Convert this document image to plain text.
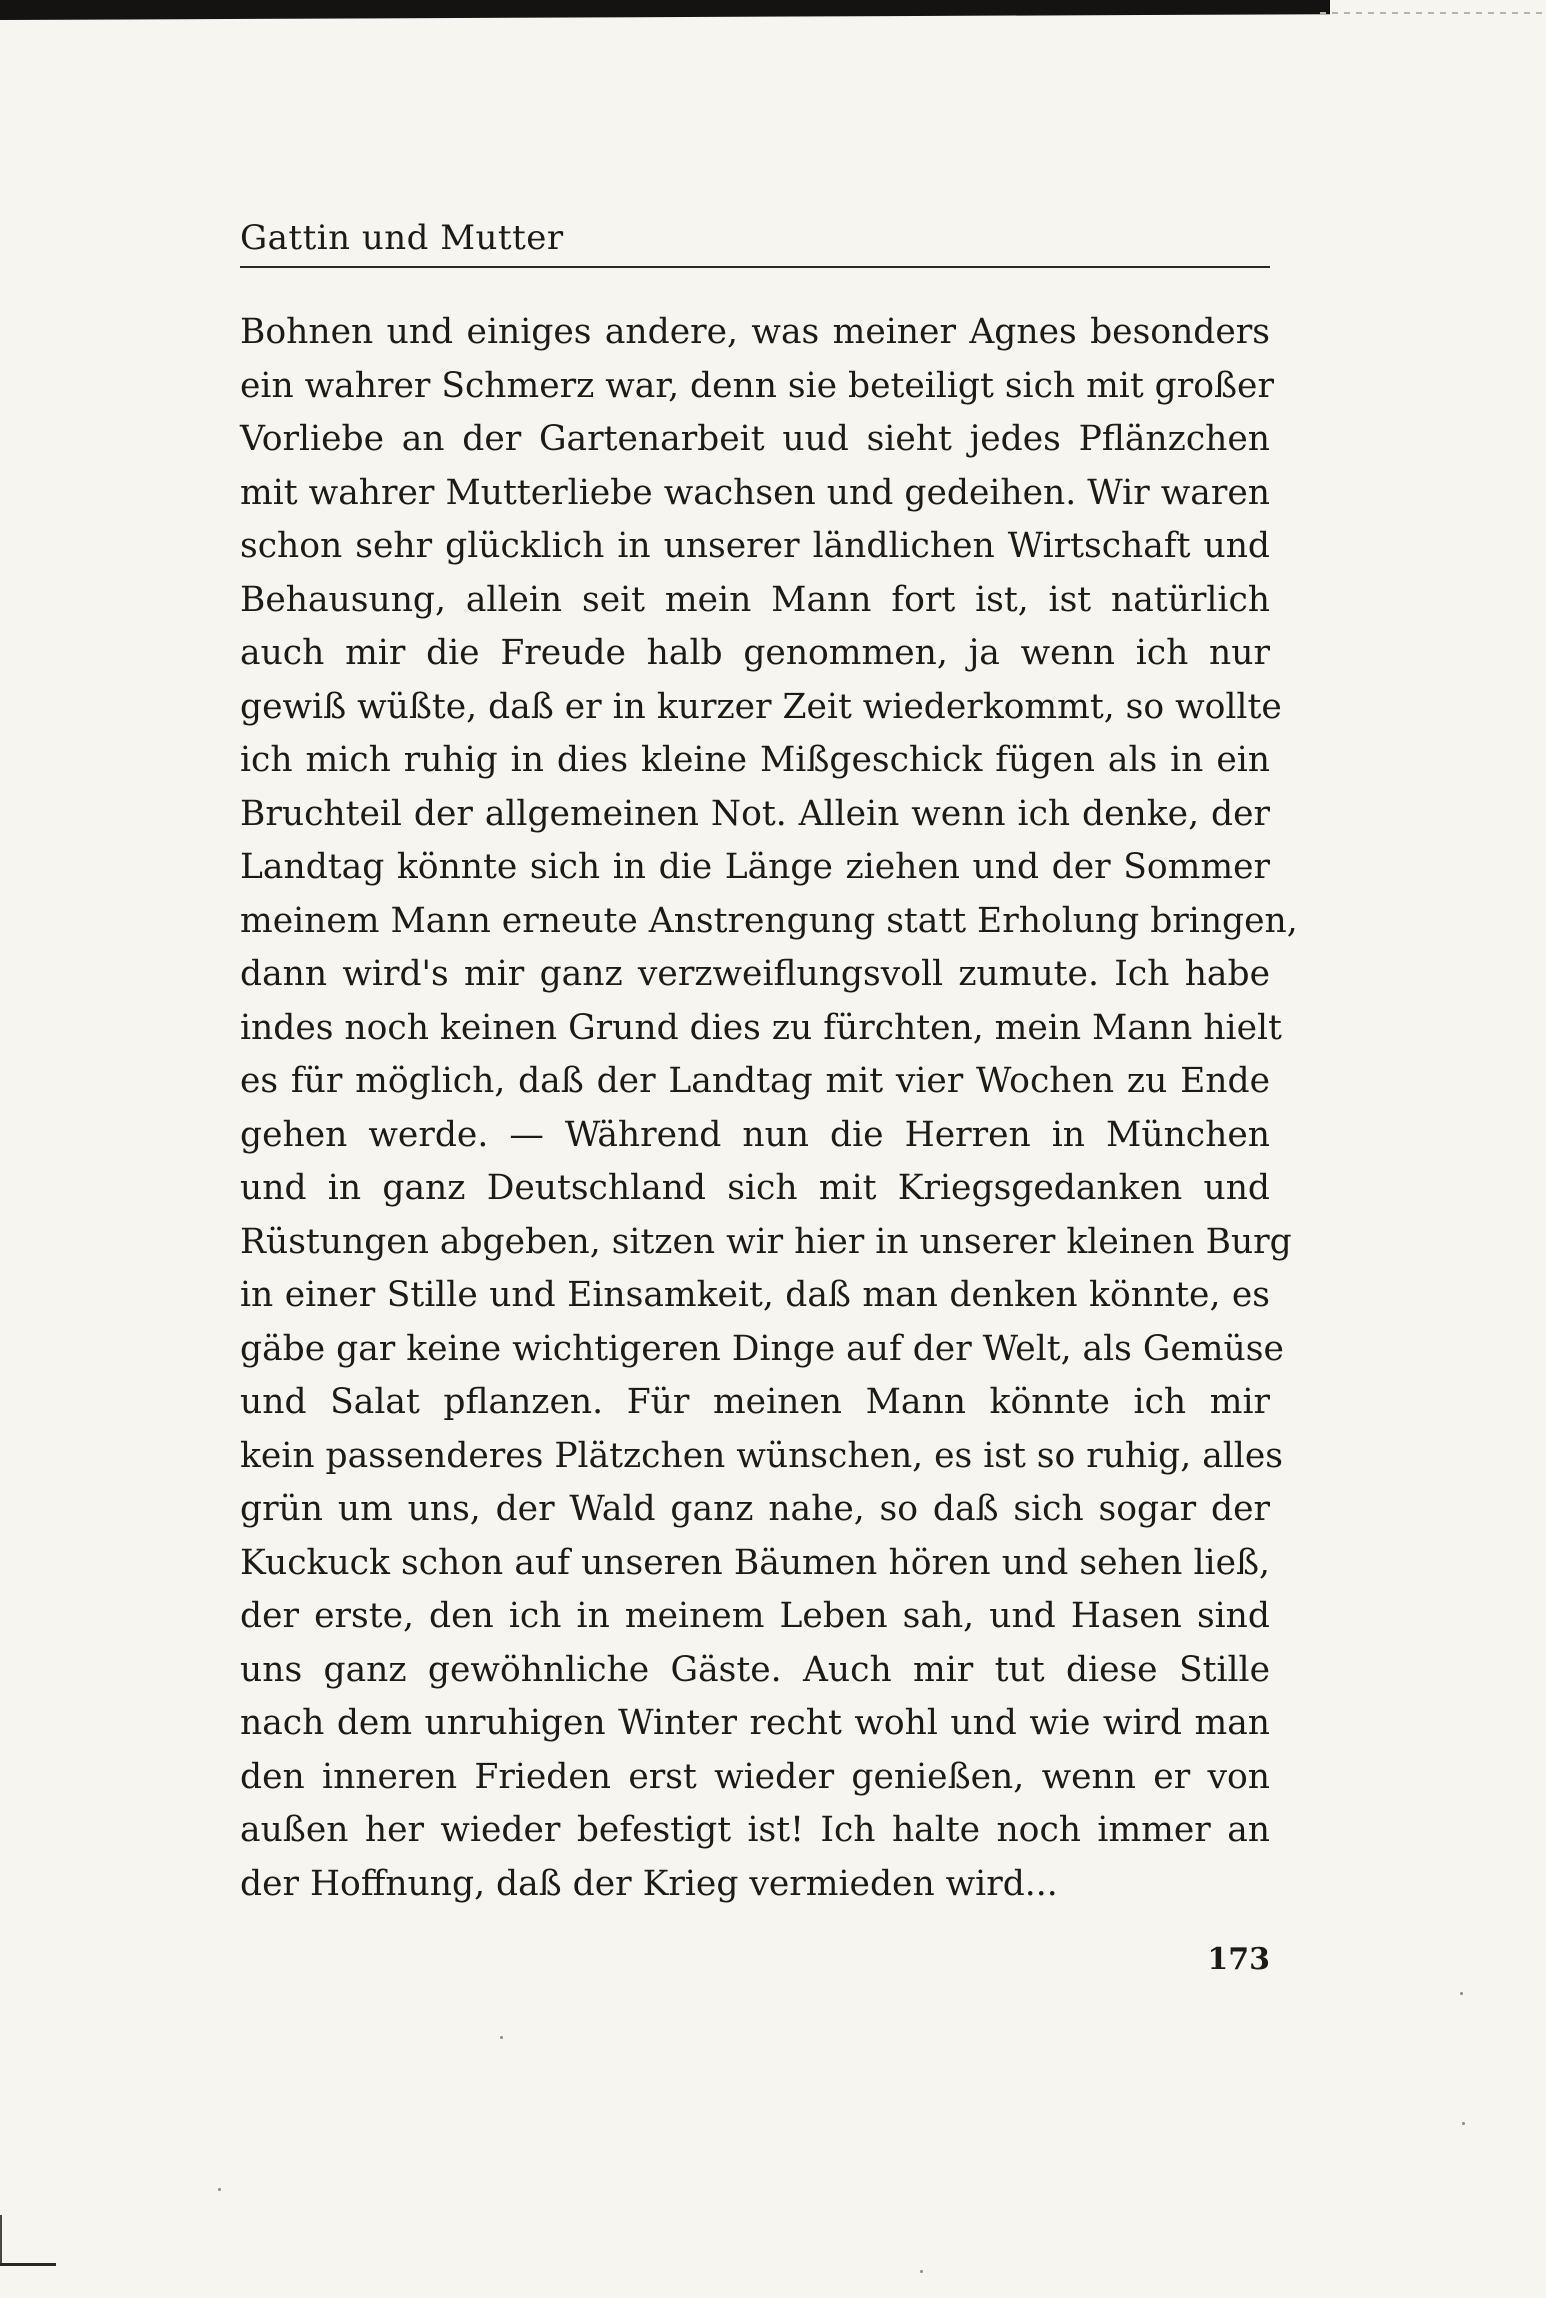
Gattin und Mutter
Bohnen und einiges andere, was meiner Agnes besonders
ein wahrer Schmerz war, denn sie beteiligt sich mit großer
Vorliebe an der Gartenarbeit uud sieht jedes Pflänzchen
mit wahrer Mutterliebe wachsen und gedeihen. Wir waren
schon sehr glücklich in unserer ländlichen Wirtschaft und
Behausung, allein seit mein Mann fort ist, ist natürlich
auch mir die Freude halb genommen, ja wenn ich nur
gewiß wüßte, daß er in kurzer Zeit wiederkommt, so wollte
ich mich ruhig in dies kleine Mißgeschick fügen als in ein
Bruchteil der allgemeinen Not. Allein wenn ich denke, der
Landtag könnte sich in die Länge ziehen und der Sommer
meinem Mann erneute Anstrengung statt Erholung bringen,
dann wird's mir ganz verzweiflungsvoll zumute. Ich habe
indes noch keinen Grund dies zu fürchten, mein Mann hielt
es für möglich, daß der Landtag mit vier Wochen zu Ende
gehen werde. — Während nun die Herren in München
und in ganz Deutschland sich mit Kriegsgedanken und
Rüstungen abgeben, sitzen wir hier in unserer kleinen Burg
in einer Stille und Einsamkeit, daß man denken könnte, es
gäbe gar keine wichtigeren Dinge auf der Welt, als Gemüse
und Salat pflanzen. Für meinen Mann könnte ich mir
kein passenderes Plätzchen wünschen, es ist so ruhig, alles
grün um uns, der Wald ganz nahe, so daß sich sogar der
Kuckuck schon auf unseren Bäumen hören und sehen ließ,
der erste, den ich in meinem Leben sah, und Hasen sind
uns ganz gewöhnliche Gäste. Auch mir tut diese Stille
nach dem unruhigen Winter recht wohl und wie wird man
den inneren Frieden erst wieder genießen, wenn er von
außen her wieder befestigt ist! Ich halte noch immer an
der Hoffnung, daß der Krieg vermieden wird...
173
